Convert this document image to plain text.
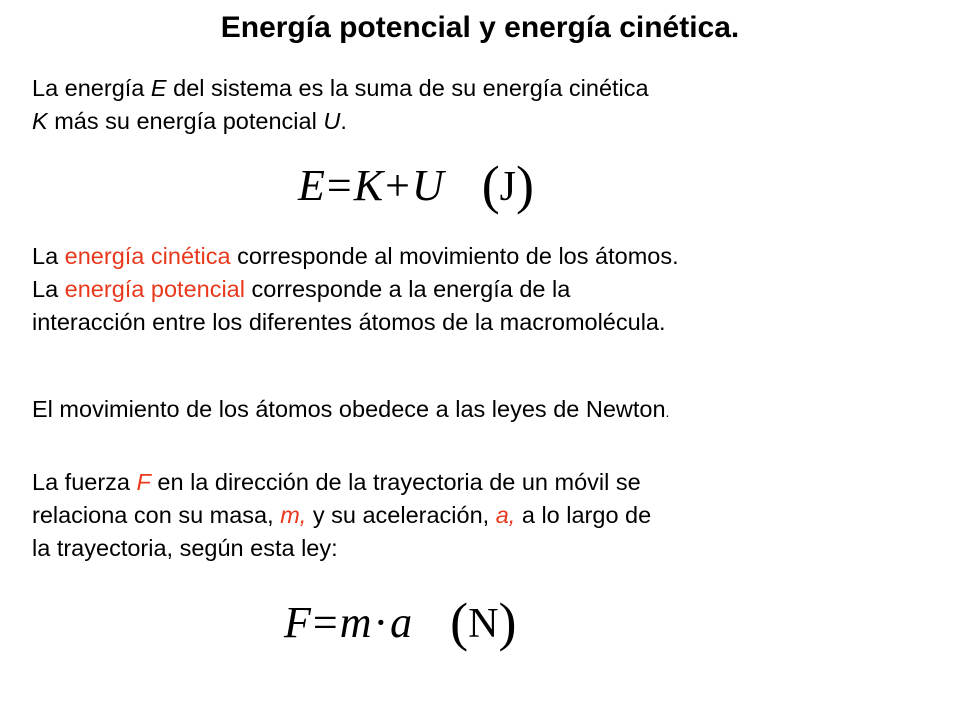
Energía potencial y energía cinética.

La energía E del sistema es la suma de su energía cinética
K más su energía potencial U.

E=K+U (J)

La energía cinética corresponde al movimiento de los átomos.
La energía potencial corresponde a la energía de la
interacción entre los diferentes átomos de la macromolécula.

El movimiento de los átomos obedece a las leyes de Newton.

La fuerza F en la dirección de la trayectoria de un móvil se
relaciona con su masa, m, y su aceleración, a, a lo largo de
la trayectoria, según esta ley:

F=m·a (N)
